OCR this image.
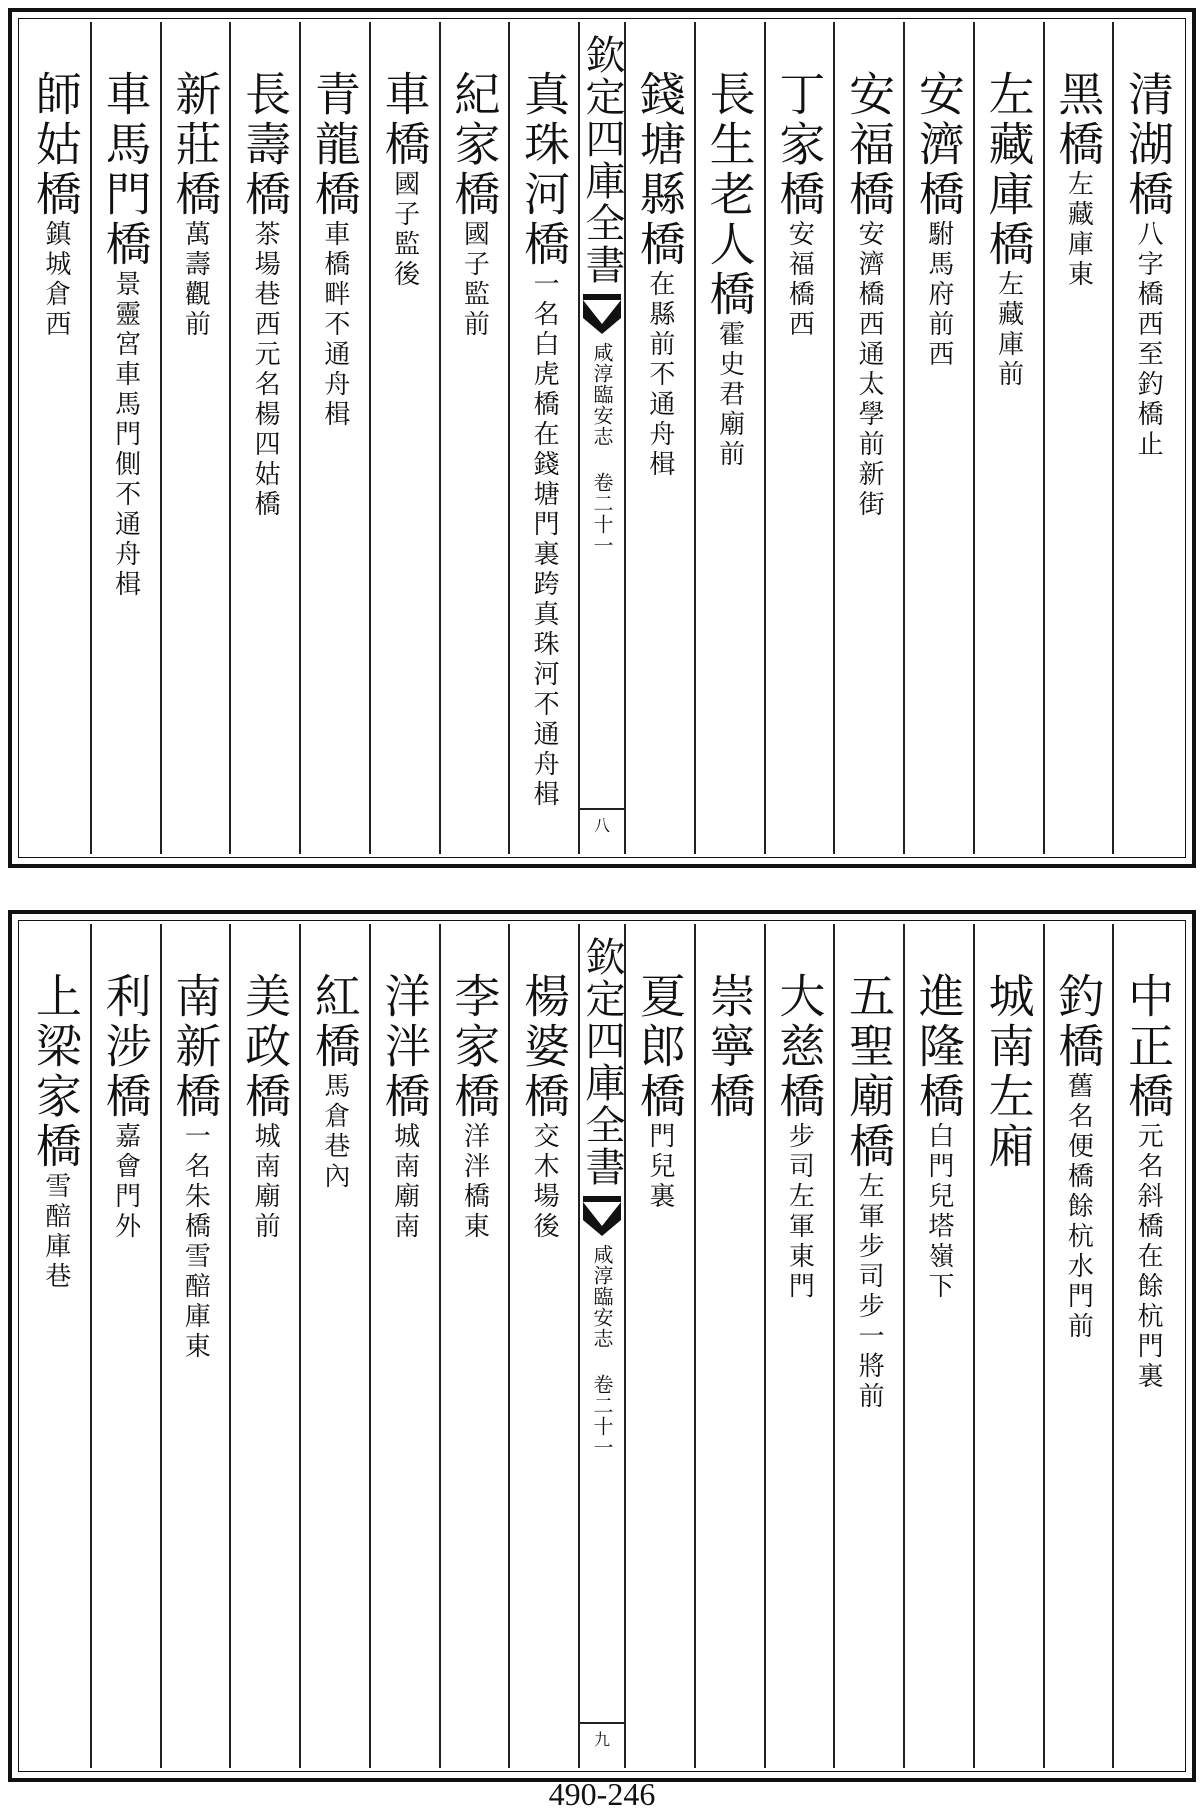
清湖橋八字橋西至釣橋止
黑橋左藏庫東
左藏庫橋左藏庫前
安濟橋駙馬府前西
安福橋安濟橋西通太學前新街
丁家橋安福橋西
長生老人橋霍史君廟前
錢塘縣橋在縣前不通舟楫
欽定四庫全書
咸淳臨安志 卷二十一
八
真珠河橋一名白虎橋在錢塘門裏跨真珠河不通舟楫
紀家橋國子監前
車橋國子監後
青龍橋車橋畔不通舟楫
長壽橋茶場巷西元名楊四姑橋
新莊橋萬壽觀前
車馬門橋景靈宮車馬門側不通舟楫
師姑橋鎮城倉西
中正橋元名斜橋在餘杭門裏
釣橋舊名便橋餘杭水門前
城南左廂
進隆橋白門兒塔嶺下
五聖廟橋左軍步司步一將前
大慈橋步司左軍東門
崇寧橋
夏郎橋門兒裏
欽定四庫全書
咸淳臨安志 卷二十一
九
楊婆橋交木場後
李家橋洋泮橋東
洋泮橋城南廟南
紅橋馬倉巷內
美政橋城南廟前
南新橋一名朱橋雪醅庫東
利涉橋嘉會門外
上梁家橋雪醅庫巷
490-246
